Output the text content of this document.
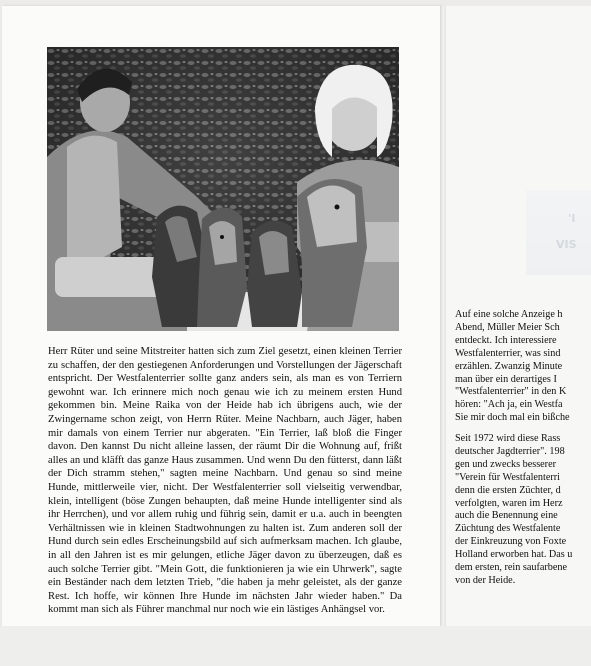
Herr Rüter und seine Mitstreiter hatten sich zum Ziel gesetzt, einen kleinen Terrier zu schaffen, der den gestiegenen Anforderungen und Vorstellungen der Jägerschaft entspricht. Der Westfalenterrier sollte ganz anders sein, als man es von Terriern gewohnt war. Ich erinnere mich noch genau wie ich zu meinem ersten Hund gekommen bin. Meine Raika von der Heide hab ich übrigens auch, wie der Zwingername schon zeigt, von Herrn Rüter. Meine Nachbarn, auch Jäger, haben mir damals von einem Terrier nur abgeraten. "Ein Terrier, laß bloß die Finger davon. Den kannst Du nicht alleine lassen, der räumt Dir die Wohnung auf, frißt alles an und kläfft das ganze Haus zusammen. Und wenn Du den fütterst, dann läßt der Dich stramm stehen," sagten meine Nachbarn. Und genau so sind meine Hunde, mittlerweile vier, nicht. Der Westfalenterrier soll vielseitig verwendbar, klein, intelligent (böse Zungen behaupten, daß meine Hunde intelligenter sind als ihr Herrchen), und vor allem ruhig und führig sein, damit er u.a. auch in beengten Verhältnissen wie in kleinen Stadtwohnungen zu halten ist. Zum anderen soll der Hund durch sein edles Erscheinungsbild auf sich aufmerksam machen. Ich glaube, in all den Jahren ist es mir gelungen, etliche Jäger davon zu überzeugen, daß es auch solche Terrier gibt. "Mein Gott, die funktionieren ja wie ein Uhrwerk", sagte ein Beständer nach dem letzten Trieb, "die haben ja mehr geleistet, als der ganze Rest. Ich hoffe, wir können Ihre Hunde im nächsten Jahr wieder haben." Da kommt man sich als Führer manchmal nur noch wie ein lästiges Anhängsel vor.

'Ι
VIS
Auf eine solche Anzeige h
Abend, Müller Meier Sch
entdeckt. Ich interessiere
Westfalenterrier, was sind
erzählen. Zwanzig Minute
man über ein derartiges I
"Westfalenterrier" in den K
hören: "Ach ja, ein Westfa
Sie mir doch mal ein bißche
Seit 1972 wird diese Rass
deutscher Jagdterrier". 198
gen und zwecks besserer
"Verein für Westfalenterri
denn die ersten Züchter, d
verfolgten, waren im Herz
auch die Benennung eine
Züchtung des Westfalente
der Einkreuzung von Foxte
Holland erworben hat. Das u
dem ersten, rein saufarbene
von der Heide.
